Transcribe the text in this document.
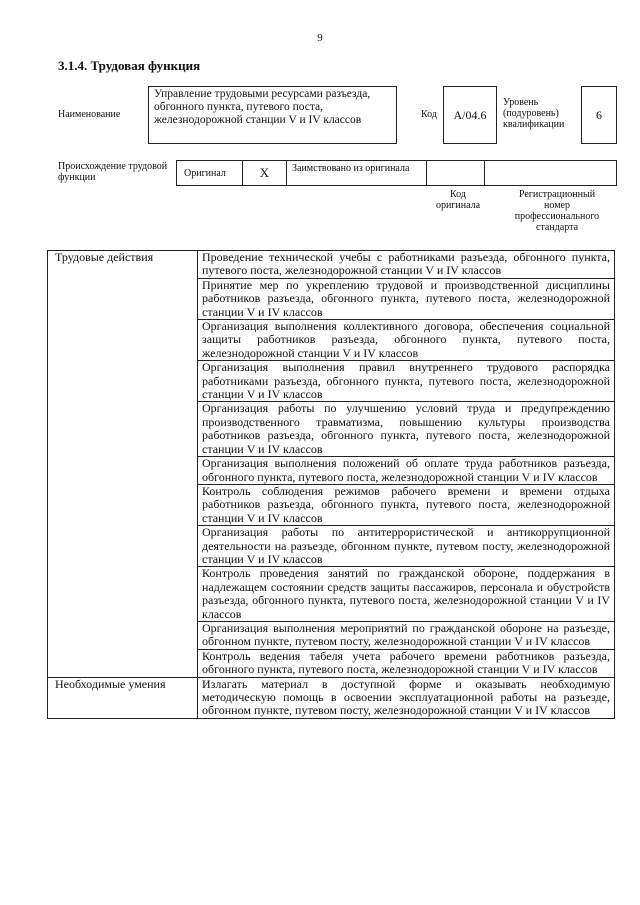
9
3.1.4. Трудовая функция
Наименование
Управление трудовыми ресурсами разъезда, обгонного пункта, путевого поста, железнодорожной станции V и IV классов	Код	A/04.6
Уровень (подуровень) квалификации
6
Происхождение трудовой функции	Оригинал	X	Заимствовано из оригинала
Код оригинала
Регистрационный номер профессионального стандарта
Трудовые действия	Проведение технической учебы с работниками разъезда, обгонного пункта, путевого поста, железнодорожной станции V и IV классов
	Принятие мер по укреплению трудовой и производственной дисциплины работников разъезда, обгонного пункта, путевого поста, железнодорожной станции V и IV классов
	Организация выполнения коллективного договора, обеспечения социальной защиты работников разъезда, обгонного пункта, путевого поста, железнодорожной станции V и IV классов
	Организация выполнения правил внутреннего трудового распорядка работниками разъезда, обгонного пункта, путевого поста, железнодорожной станции V и IV классов
	Организация работы по улучшению условий труда и предупреждению производственного травматизма, повышению культуры производства работников разъезда, обгонного пункта, путевого поста, железнодорожной станции V и IV классов
	Организация выполнения положений об оплате труда работников разъезда, обгонного пункта, путевого поста, железнодорожной станции V и IV классов
	Контроль соблюдения режимов рабочего времени и времени отдыха работников разъезда, обгонного пункта, путевого поста, железнодорожной станции V и IV классов
	Организация работы по антитеррористической и антикоррупционной деятельности на разъезде, обгонном пункте, путевом посту, железнодорожной станции V и IV классов
	Контроль проведения занятий по гражданской обороне, поддержания в надлежащем состоянии средств защиты пассажиров, персонала и обустройств разъезда, обгонного пункта, путевого поста, железнодорожной станции V и IV классов
	Организация выполнения мероприятий по гражданской обороне на разъезде, обгонном пункте, путевом посту, железнодорожной станции V и IV классов
	Контроль ведения табеля учета рабочего времени работников разъезда, обгонного пункта, путевого поста, железнодорожной станции V и IV классов
Необходимые умения	Излагать материал в доступной форме и оказывать необходимую методическую помощь в освоении эксплуатационной работы на разъезде, обгонном пункте, путевом посту, железнодорожной станции V и IV классов
